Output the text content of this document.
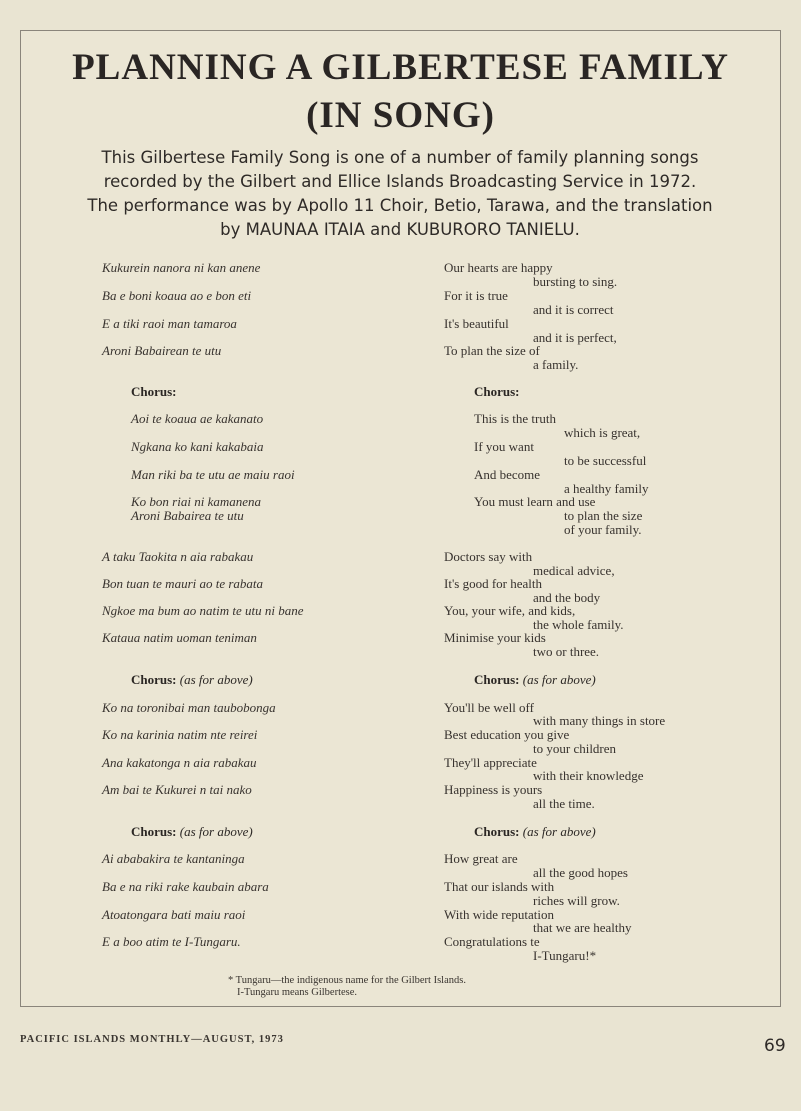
PLANNING A GILBERTESE FAMILY
(IN SONG)
This Gilbertese Family Song is one of a number of family planning songs
recorded by the Gilbert and Ellice Islands Broadcasting Service in 1972.
The performance was by Apollo 11 Choir, Betio, Tarawa, and the translation
by MAUNAA ITAIA and KUBURORO TANIELU.
Kukurein nanora ni kan anene
Ba e boni koaua ao e bon eti
E a tiki raoi man tamaroa
Aroni Babairean te utu
Chorus:
Aoi te koaua ae kakanato
Ngkana ko kani kakabaia
Man riki ba te utu ae maiu raoi
Ko bon riai ni kamanena
Aroni Babairea te utu
A taku Taokita n aia rabakau
Bon tuan te mauri ao te rabata
Ngkoe ma bum ao natim te utu ni bane
Kataua natim uoman teniman
Chorus: (as for above)
Ko na toronibai man taubobonga
Ko na karinia natim nte reirei
Ana kakatonga n aia rabakau
Am bai te Kukurei n tai nako
Chorus: (as for above)
Ai ababakira te kantaninga
Ba e na riki rake kaubain abara
Atoatongara bati maiu raoi
E a boo atim te I-Tungaru.
Our hearts are happy
bursting to sing.
For it is true
and it is correct
It's beautiful
and it is perfect,
To plan the size of
a family.
Chorus:
This is the truth
which is great,
If you want
to be successful
And become
a healthy family
You must learn and use
to plan the size
of your family.
Doctors say with
medical advice,
It's good for health
and the body
You, your wife, and kids,
the whole family.
Minimise your kids
two or three.
Chorus: (as for above)
You'll be well off
with many things in store
Best education you give
to your children
They'll appreciate
with their knowledge
Happiness is yours
all the time.
Chorus: (as for above)
How great are
all the good hopes
That our islands with
riches will grow.
With wide reputation
that we are healthy
Congratulations te
I-Tungaru!*
* Tungaru—the indigenous name for the Gilbert Islands.
I-Tungaru means Gilbertese.
PACIFIC ISLANDS MONTHLY—AUGUST, 1973	69
